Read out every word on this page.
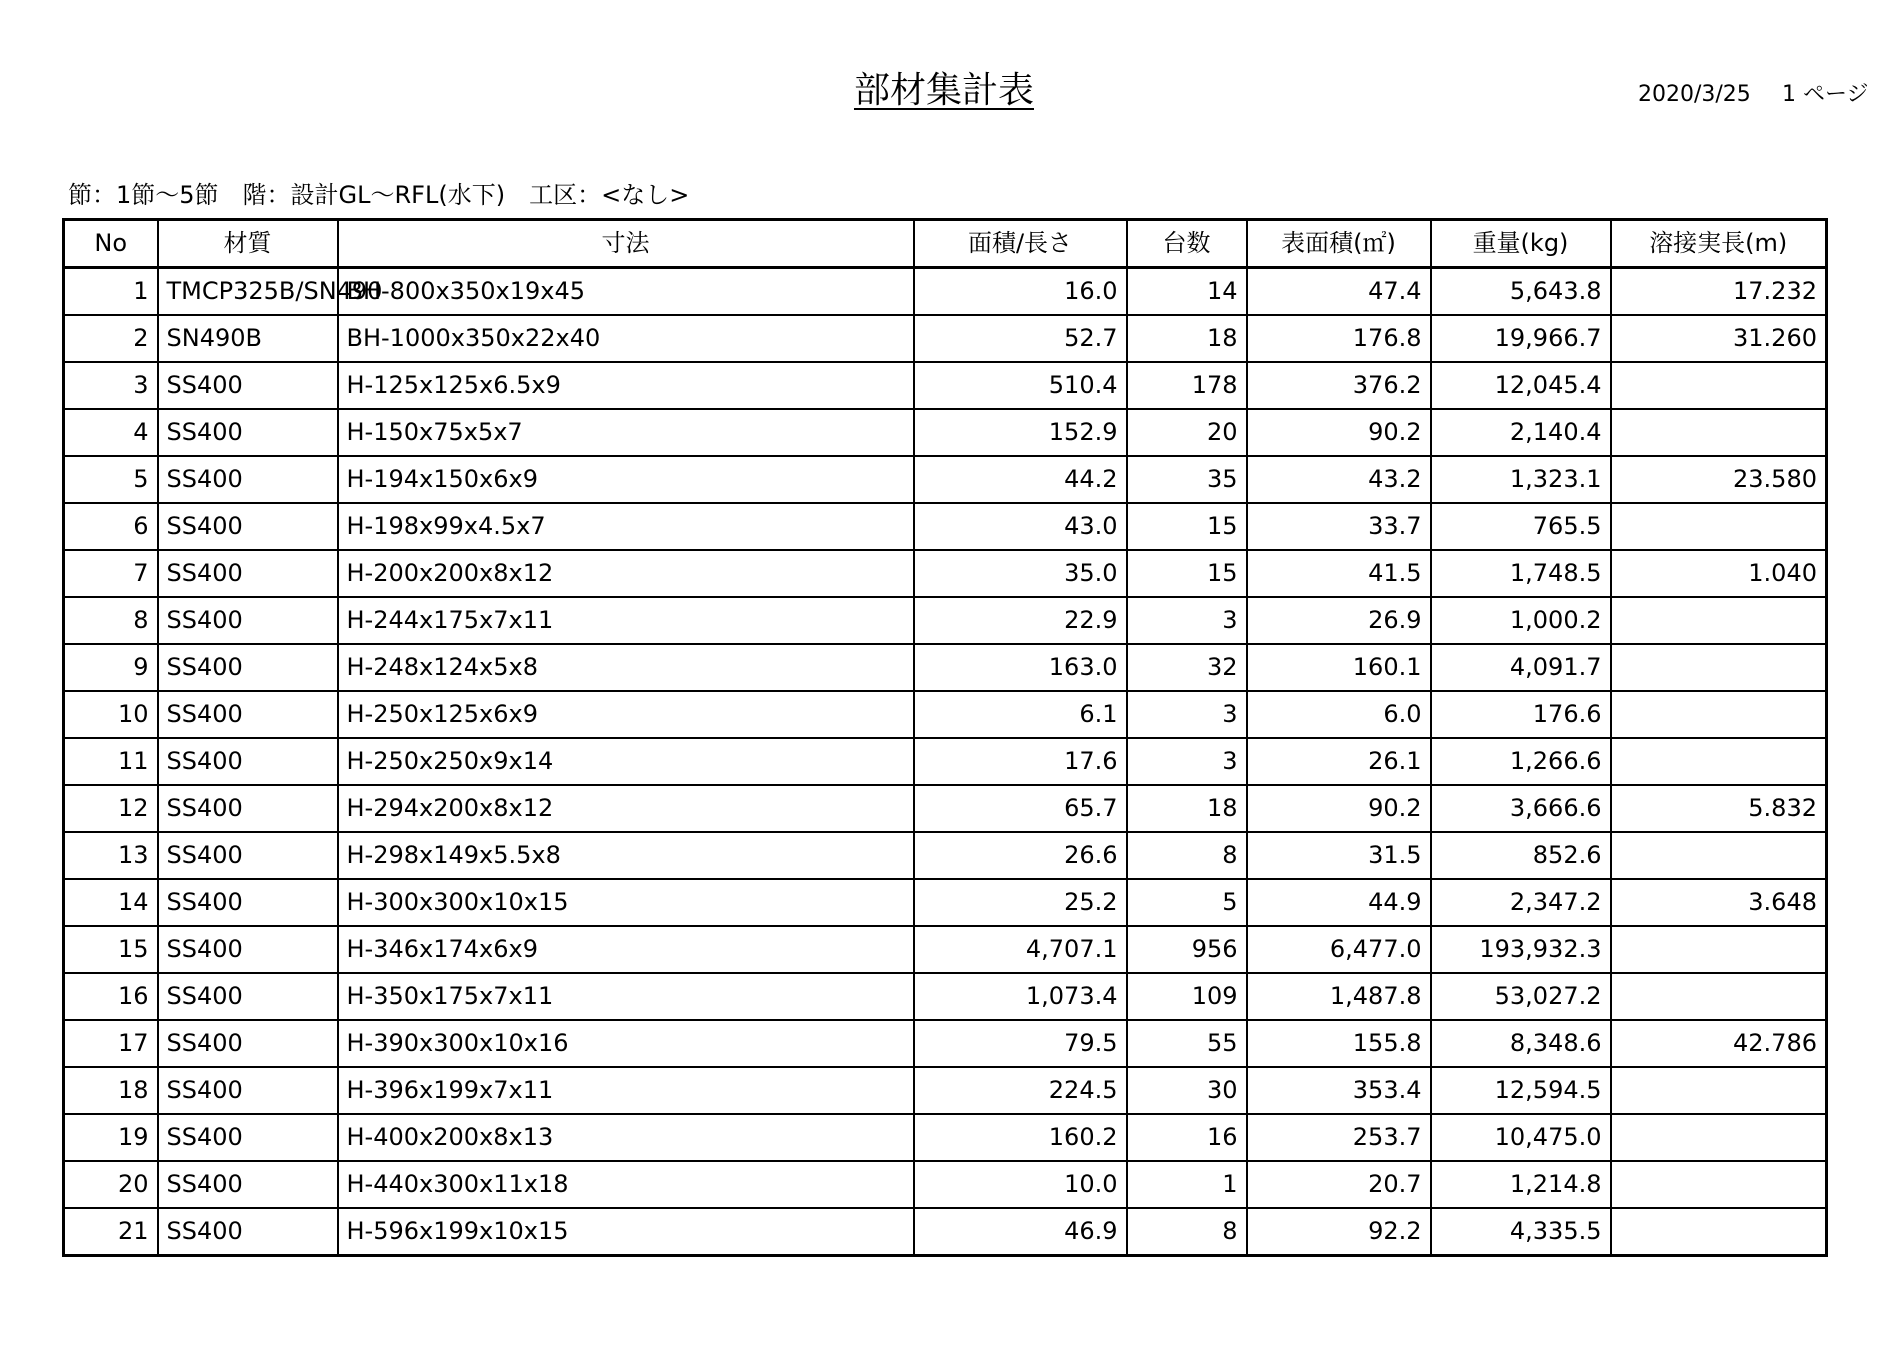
部材集計表	2020/3/25 1 ページ
節：1節～5節　階：設計GL～RFL(水下)　工区：<なし>
No	材質	寸法	面積/長さ	台数	表面積(㎡)	重量(kg)	溶接実長(m)
1	TMCP325B/SN490	BH-800x350x19x45	16.0	14	47.4	5,643.8	17.232
2	SN490B	BH-1000x350x22x40	52.7	18	176.8	19,966.7	31.260
3	SS400	H-125x125x6.5x9	510.4	178	376.2	12,045.4	
4	SS400	H-150x75x5x7	152.9	20	90.2	2,140.4	
5	SS400	H-194x150x6x9	44.2	35	43.2	1,323.1	23.580
6	SS400	H-198x99x4.5x7	43.0	15	33.7	765.5	
7	SS400	H-200x200x8x12	35.0	15	41.5	1,748.5	1.040
8	SS400	H-244x175x7x11	22.9	3	26.9	1,000.2	
9	SS400	H-248x124x5x8	163.0	32	160.1	4,091.7	
10	SS400	H-250x125x6x9	6.1	3	6.0	176.6	
11	SS400	H-250x250x9x14	17.6	3	26.1	1,266.6	
12	SS400	H-294x200x8x12	65.7	18	90.2	3,666.6	5.832
13	SS400	H-298x149x5.5x8	26.6	8	31.5	852.6	
14	SS400	H-300x300x10x15	25.2	5	44.9	2,347.2	3.648
15	SS400	H-346x174x6x9	4,707.1	956	6,477.0	193,932.3	
16	SS400	H-350x175x7x11	1,073.4	109	1,487.8	53,027.2	
17	SS400	H-390x300x10x16	79.5	55	155.8	8,348.6	42.786
18	SS400	H-396x199x7x11	224.5	30	353.4	12,594.5	
19	SS400	H-400x200x8x13	160.2	16	253.7	10,475.0	
20	SS400	H-440x300x11x18	10.0	1	20.7	1,214.8	
21	SS400	H-596x199x10x15	46.9	8	92.2	4,335.5	
